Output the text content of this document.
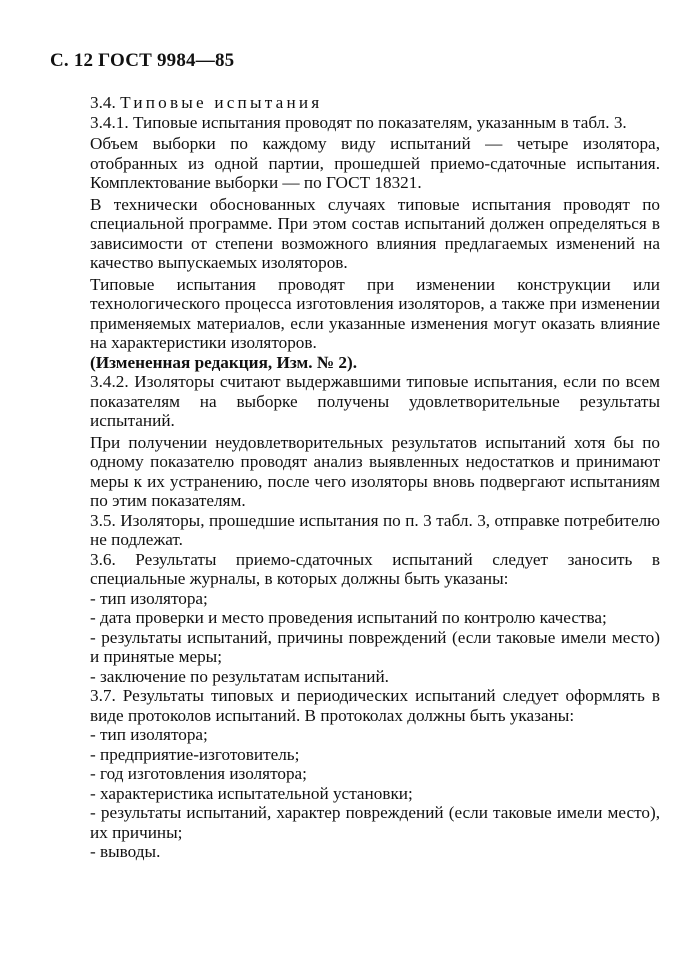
С. 12 ГОСТ 9984—85

3.4. Типовые испытания

3.4.1. Типовые испытания проводят по показателям, указанным в табл. 3.

Объем выборки по каждому виду испытаний — четыре изолятора, отобранных из одной партии, прошедшей приемо-сдаточные испытания. Комплектование выборки — по ГОСТ 18321.

В технически обоснованных случаях типовые испытания проводят по специальной программе. При этом состав испытаний должен определяться в зависимости от степени возможного влияния предлагаемых изменений на качество выпускаемых изоляторов.

Типовые испытания проводят при изменении конструкции или технологического процесса изготовления изоляторов, а также при изменении применяемых материалов, если указанные изменения могут оказать влияние на характеристики изоляторов.

(Измененная редакция, Изм. № 2).

3.4.2. Изоляторы считают выдержавшими типовые испытания, если по всем показателям на выборке получены удовлетворительные результаты испытаний.

При получении неудовлетворительных результатов испытаний хотя бы по одному показателю проводят анализ выявленных недостатков и принимают меры к их устранению, после чего изоляторы вновь подвергают испытаниям по этим показателям.

3.5. Изоляторы, прошедшие испытания по п. 3 табл. 3, отправке потребителю не подлежат.

3.6. Результаты приемо-сдаточных испытаний следует заносить в специальные журналы, в которых должны быть указаны:

- тип изолятора;

- дата проверки и место проведения испытаний по контролю качества;

- результаты испытаний, причины повреждений (если таковые имели место) и принятые меры;

- заключение по результатам испытаний.

3.7. Результаты типовых и периодических испытаний следует оформлять в виде протоколов испытаний. В протоколах должны быть указаны:

- тип изолятора;

- предприятие-изготовитель;

- год изготовления изолятора;

- характеристика испытательной установки;

- результаты испытаний, характер повреждений (если таковые имели место), их причины;

- выводы.
